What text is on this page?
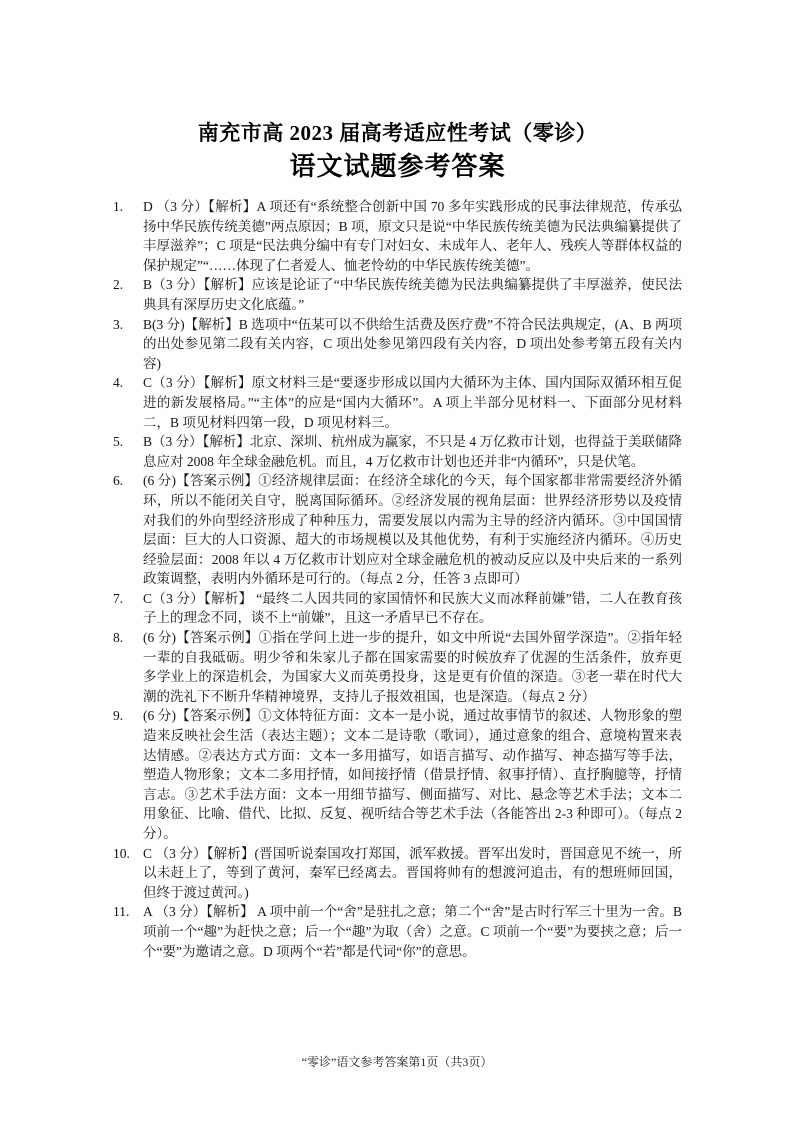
南充市高 2023 届高考适应性考试（零诊）
语文试题参考答案
1. D （3 分）【解析】A 项还有“系统整合创新中国 70 多年实践形成的民事法律规范，传承弘扬中华民族传统美德”两点原因；B 项，原文只是说“中华民族传统美德为民法典编纂提供了丰厚滋养”；C 项是“民法典分编中有专门对妇女、未成年人、老年人、残疾人等群体权益的保护规定”“……体现了仁者爱人、恤老怜幼的中华民族传统美德”。
2. B（3 分）【解析】应该是论证了“中华民族传统美德为民法典编纂提供了丰厚滋养，使民法典具有深厚历史文化底蕴。”
3. B(3 分)【解析】B 选项中“伍某可以不供给生活费及医疗费”不符合民法典规定，(A、B 两项的出处参见第二段有关内容，C 项出处参见第四段有关内容，D 项出处参考第五段有关内容)
4. C（3 分）【解析】原文材料三是“要逐步形成以国内大循环为主体、国内国际双循环相互促进的新发展格局。”“主体”的应是“国内大循环”。A 项上半部分见材料一、下面部分见材料二，B 项见材料四第一段，D 项见材料三。
5. B（3 分）【解析】北京、深圳、杭州成为赢家，不只是 4 万亿救市计划，也得益于美联储降息应对 2008 年全球金融危机。而且，4 万亿救市计划也还并非“内循环”，只是伏笔。
6. (6 分)【答案示例】①经济规律层面：在经济全球化的今天，每个国家都非常需要经济外循环，所以不能闭关自守，脱离国际循环。②经济发展的视角层面：世界经济形势以及疫情对我们的外向型经济形成了种种压力，需要发展以内需为主导的经济内循环。③中国国情层面：巨大的人口资源、超大的市场规模以及其他优势，有利于实施经济内循环。④历史经验层面：2008 年以 4 万亿救市计划应对全球金融危机的被动反应以及中央后来的一系列政策调整，表明内外循环是可行的。（每点 2 分，任答 3 点即可）
7. C（3 分）【解析】 “最终二人因共同的家国情怀和民族大义而冰释前嫌”错，二人在教育孩子上的理念不同，谈不上“前嫌”，且这一矛盾早已不存在。
8. (6 分)【答案示例】①指在学问上进一步的提升，如文中所说“去国外留学深造”。②指年轻一辈的自我砥砺。明少爷和朱家儿子都在国家需要的时候放弃了优渥的生活条件，放弃更多学业上的深造机会，为国家大义而英勇投身，这是更有价值的深造。③老一辈在时代大潮的洗礼下不断升华精神境界，支持儿子报效祖国，也是深造。（每点 2 分）
9. (6 分)【答案示例】①文体特征方面：文本一是小说，通过故事情节的叙述、人物形象的塑造来反映社会生活（表达主题）；文本二是诗歌（歌词），通过意象的组合、意境构置来表达情感。②表达方式方面：文本一多用描写，如语言描写、动作描写、神态描写等手法，塑造人物形象；文本二多用抒情，如间接抒情（借景抒情、叙事抒情）、直抒胸臆等，抒情言志。③艺术手法方面：文本一用细节描写、侧面描写、对比、悬念等艺术手法；文本二用象征、比喻、借代、比拟、反复、视听结合等艺术手法（各能答出 2-3 种即可）。（每点 2 分）。
10. C （3 分）【解析】(晋国听说秦国攻打郑国，派军救援。晋军出发时，晋国意见不统一，所以未赶上了，等到了黄河，秦军已经离去。晋国将帅有的想渡河追击，有的想班师回国，但终于渡过黄河。)
11. A （3 分）【解析】 A 项中前一个“舍”是驻扎之意；第二个“舍”是古时行军三十里为一舍。B 项前一个“趣”为赶快之意；后一个“趣”为取（舍）之意。C 项前一个“要”为要挟之意；后一个“要”为邀请之意。D 项两个“若”都是代词“你”的意思。
“零诊”语文参考答案第1页（共3页）
